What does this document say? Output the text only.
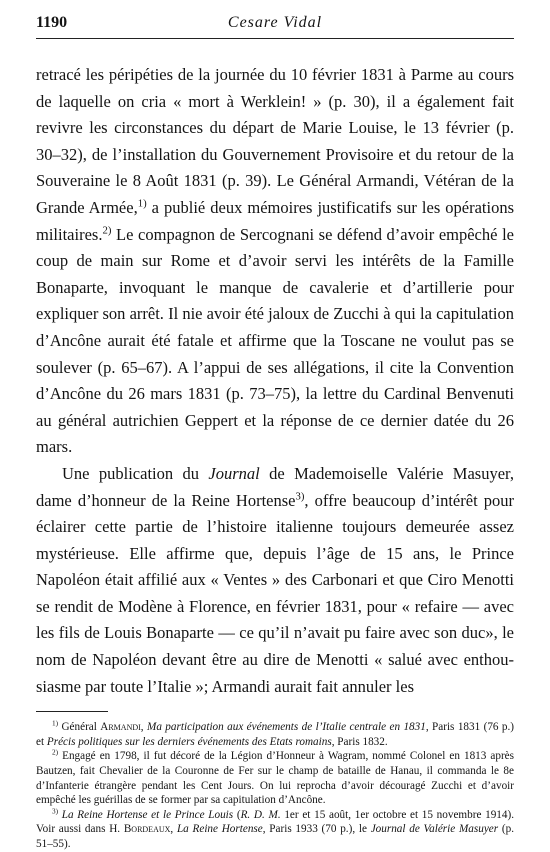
1190	Cesare Vidal

retracé les péripéties de la journée du 10 février 1831 à Parme au cours de laquelle on cria « mort à Werklein! » (p. 30), il a également fait revivre les circonstances du départ de Marie Louise, le 13 février (p. 30–32), de l’installation du Gouvernement Provisoire et du retour de la Souveraine le 8 Août 1831 (p. 39). Le Général Armandi, Vétéran de la Grande Armée,$^{1)}$ a publié deux mémoires justificatifs sur les opérations militaires.$^{2)}$ Le compagnon de Sercognani se défend d’avoir empêché le coup de main sur Rome et d’avoir servi les intérêts de la Famille Bonaparte, invoquant le manque de cavalerie et d’artillerie pour expliquer son arrêt. Il nie avoir été jaloux de Zucchi à qui la capitulation d’Ancône aurait été fatale et affirme que la Toscane ne voulut pas se soulever (p. 65–67). A l’appui de ses allégations, il cite la Convention d’Ancône du 26 mars 1831 (p. 73–75), la lettre du Cardinal Benvenuti au général autrichien Geppert et la réponse de ce dernier datée du 26 mars.

Une publication du Journal de Mademoiselle Valérie Masuyer, dame d’honneur de la Reine Hortense$^{3)}$, offre beaucoup d’intérêt pour éclairer cette partie de l’histoire italienne toujours demeurée assez mystérieuse. Elle affirme que, depuis l’âge de 15 ans, le Prince Napoléon était affilié aux « Ventes » des Carbonari et que Ciro Menotti se rendit de Modène à Florence, en février 1831, pour « refaire — avec les fils de Louis Bonaparte — ce qu’il n’avait pu faire avec son duc», le nom de Napoléon devant être au dire de Menotti « salué avec enthousiasme par toute l’Italie »; Armandi aurait fait annuler les

$^{1)}$ Général Armandi, Ma participation aux événements de l’Italie centrale en 1831, Paris 1831 (76 p.) et Précis politiques sur les derniers événements des Etats romains, Paris 1832.

$^{2)}$ Engagé en 1798, il fut décoré de la Légion d’Honneur à Wagram, nommé Colonel en 1813 après Bautzen, fait Chevalier de la Couronne de Fer sur le champ de bataille de Hanau, il commanda le 8e d’Infanterie étrangère pendant les Cent Jours. On lui reprocha d’avoir découragé Zucchi et d’avoir empêché les guérillas de se former par sa capitulation d’Ancône.

$^{3)}$ La Reine Hortense et le Prince Louis (R. D. M. 1er et 15 août, 1er octobre et 15 novembre 1914). Voir aussi dans H. Bordeaux, La Reine Hortense, Paris 1933 (70 p.), le Journal de Valérie Masuyer (p. 51–55).
